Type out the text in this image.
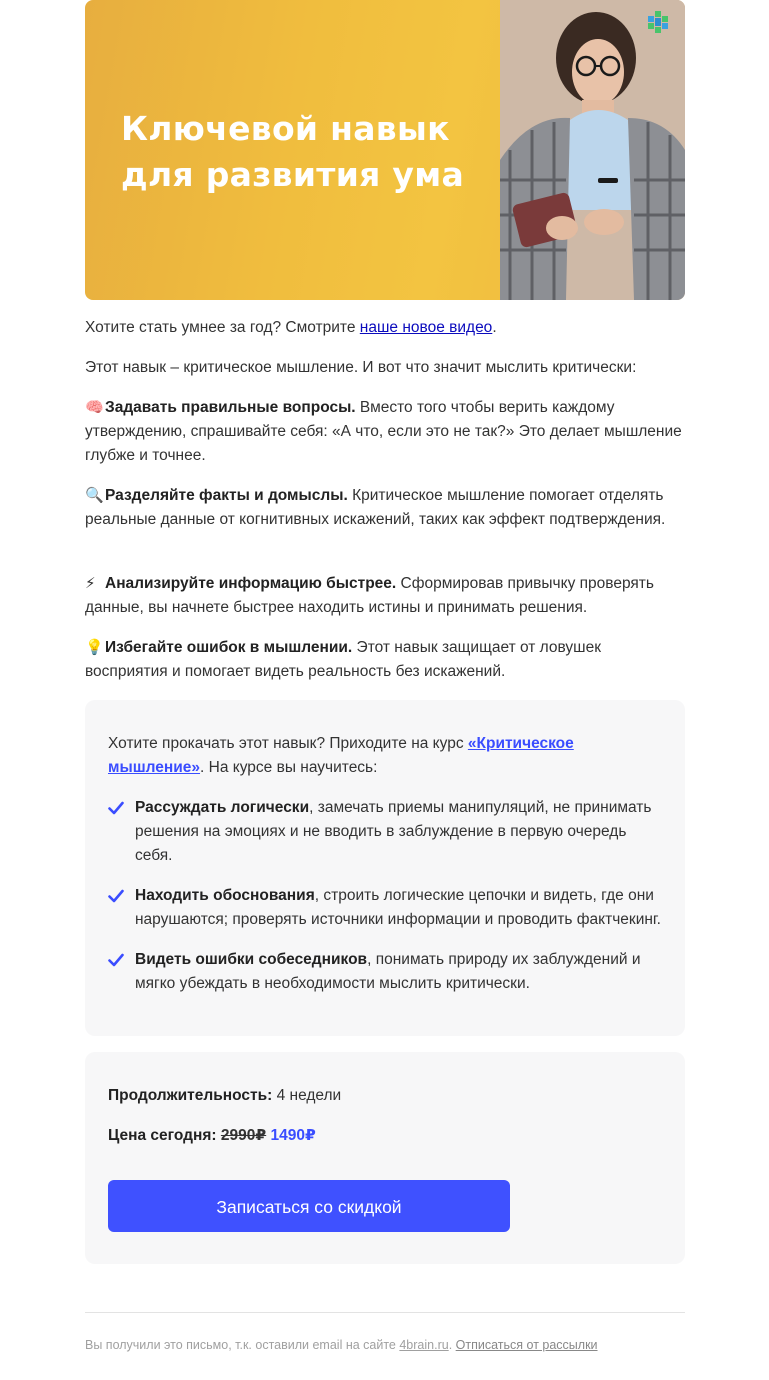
Ключевой навык
для развития ума

Хотите стать умнее за год? Смотрите наше новое видео.

Этот навык – критическое мышление. И вот что значит мыслить критически:

🧠Задавать правильные вопросы. Вместо того чтобы верить каждому утверждению, спрашивайте себя: «А что, если это не так?» Это делает мышление глубже и точнее.

🔍Разделяйте факты и домыслы. Критическое мышление помогает отделять реальные данные от когнитивных искажений, таких как эффект подтверждения.

⚡ Анализируйте информацию быстрее. Сформировав привычку проверять данные, вы начнете быстрее находить истины и принимать решения.

💡Избегайте ошибок в мышлении. Этот навык защищает от ловушек восприятия и помогает видеть реальность без искажений.

Хотите прокачать этот навык? Приходите на курс «Критическое мышление». На курсе вы научитесь:

Рассуждать логически, замечать приемы манипуляций, не принимать решения на эмоциях и не вводить в заблуждение в первую очередь себя.
Находить обоснования, строить логические цепочки и видеть, где они нарушаются; проверять источники информации и проводить фактчекинг.
Видеть ошибки собеседников, понимать природу их заблуждений и мягко убеждать в необходимости мыслить критически.
Продолжительность: 4 недели
Цена сегодня: 2990₽ 1490₽
Записаться со скидкой
Вы получили это письмо, т.к. оставили email на сайте 4brain.ru. Отписаться от рассылки
